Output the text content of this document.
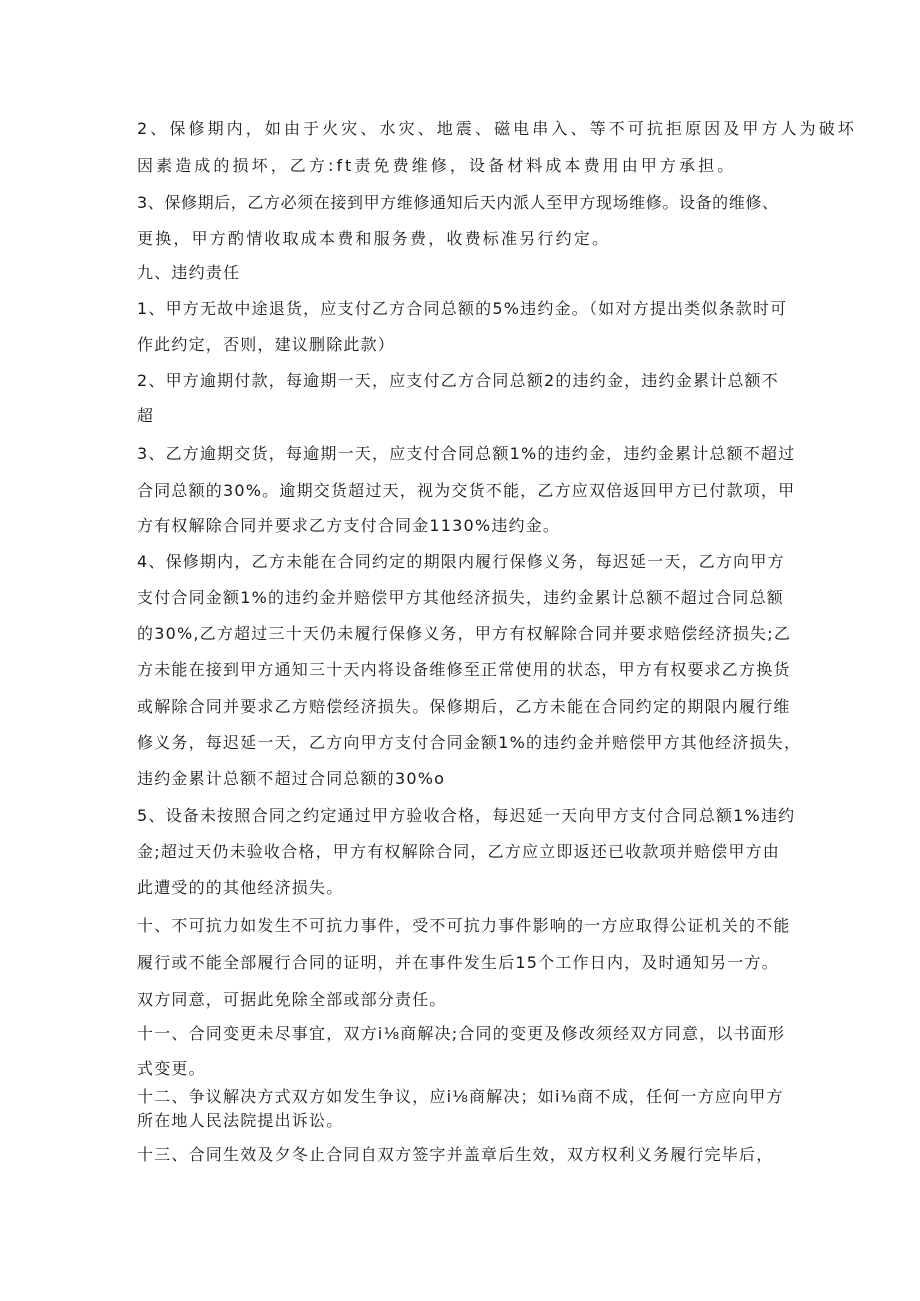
2、保修期内，如由于火灾、水灾、地震、磁电串入、等不可抗拒原因及甲方人为破坏
因素造成的损坏，乙方:ft责免费维修，设备材料成本费用由甲方承担。
3、保修期后，乙方必须在接到甲方维修通知后天内派人至甲方现场维修。设备的维修、
更换，甲方酌情收取成本费和服务费，收费标准另行约定。
九、违约责任
1、甲方无故中途退货，应支付乙方合同总额的5%违约金。（如对方提出类似条款时可
作此约定，否则，建议删除此款）
2、甲方逾期付款，每逾期一天，应支付乙方合同总额2的违约金，违约金累计总额不
超
3、乙方逾期交货，每逾期一天，应支付合同总额1%的违约金，违约金累计总额不超过
合同总额的30%。逾期交货超过天，视为交货不能，乙方应双倍返回甲方已付款项，甲
方有权解除合同并要求乙方支付合同金1130%违约金。
4、保修期内，乙方未能在合同约定的期限内履行保修义务，每迟延一天，乙方向甲方
支付合同金额1%的违约金并赔偿甲方其他经济损失，违约金累计总额不超过合同总额
的30%,乙方超过三十天仍未履行保修义务，甲方有权解除合同并要求赔偿经济损失;乙
方未能在接到甲方通知三十天内将设备维修至正常使用的状态，甲方有权要求乙方换货
或解除合同并要求乙方赔偿经济损失。保修期后，乙方未能在合同约定的期限内履行维
修义务，每迟延一天，乙方向甲方支付合同金额1%的违约金并赔偿甲方其他经济损失，
违约金累计总额不超过合同总额的30%o
5、设备未按照合同之约定通过甲方验收合格，每迟延一天向甲方支付合同总额1%违约
金;超过天仍未验收合格，甲方有权解除合同，乙方应立即返还已收款项并赔偿甲方由
此遭受的的其他经济损失。
十、不可抗力如发生不可抗力事件，受不可抗力事件影响的一方应取得公证机关的不能
履行或不能全部履行合同的证明，并在事件发生后15个工作日内，及时通知另一方。
双方同意，可据此免除全部或部分责任。
十一、合同变更未尽事宜，双方i⅛商解决;合同的变更及修改须经双方同意，以书面形
式变更。
十二、争议解决方式双方如发生争议，应i⅛商解决；如i⅛商不成，任何一方应向甲方
所在地人民法院提出诉讼。
十三、合同生效及夕冬止合同自双方签字并盖章后生效，双方权利义务履行完毕后，
